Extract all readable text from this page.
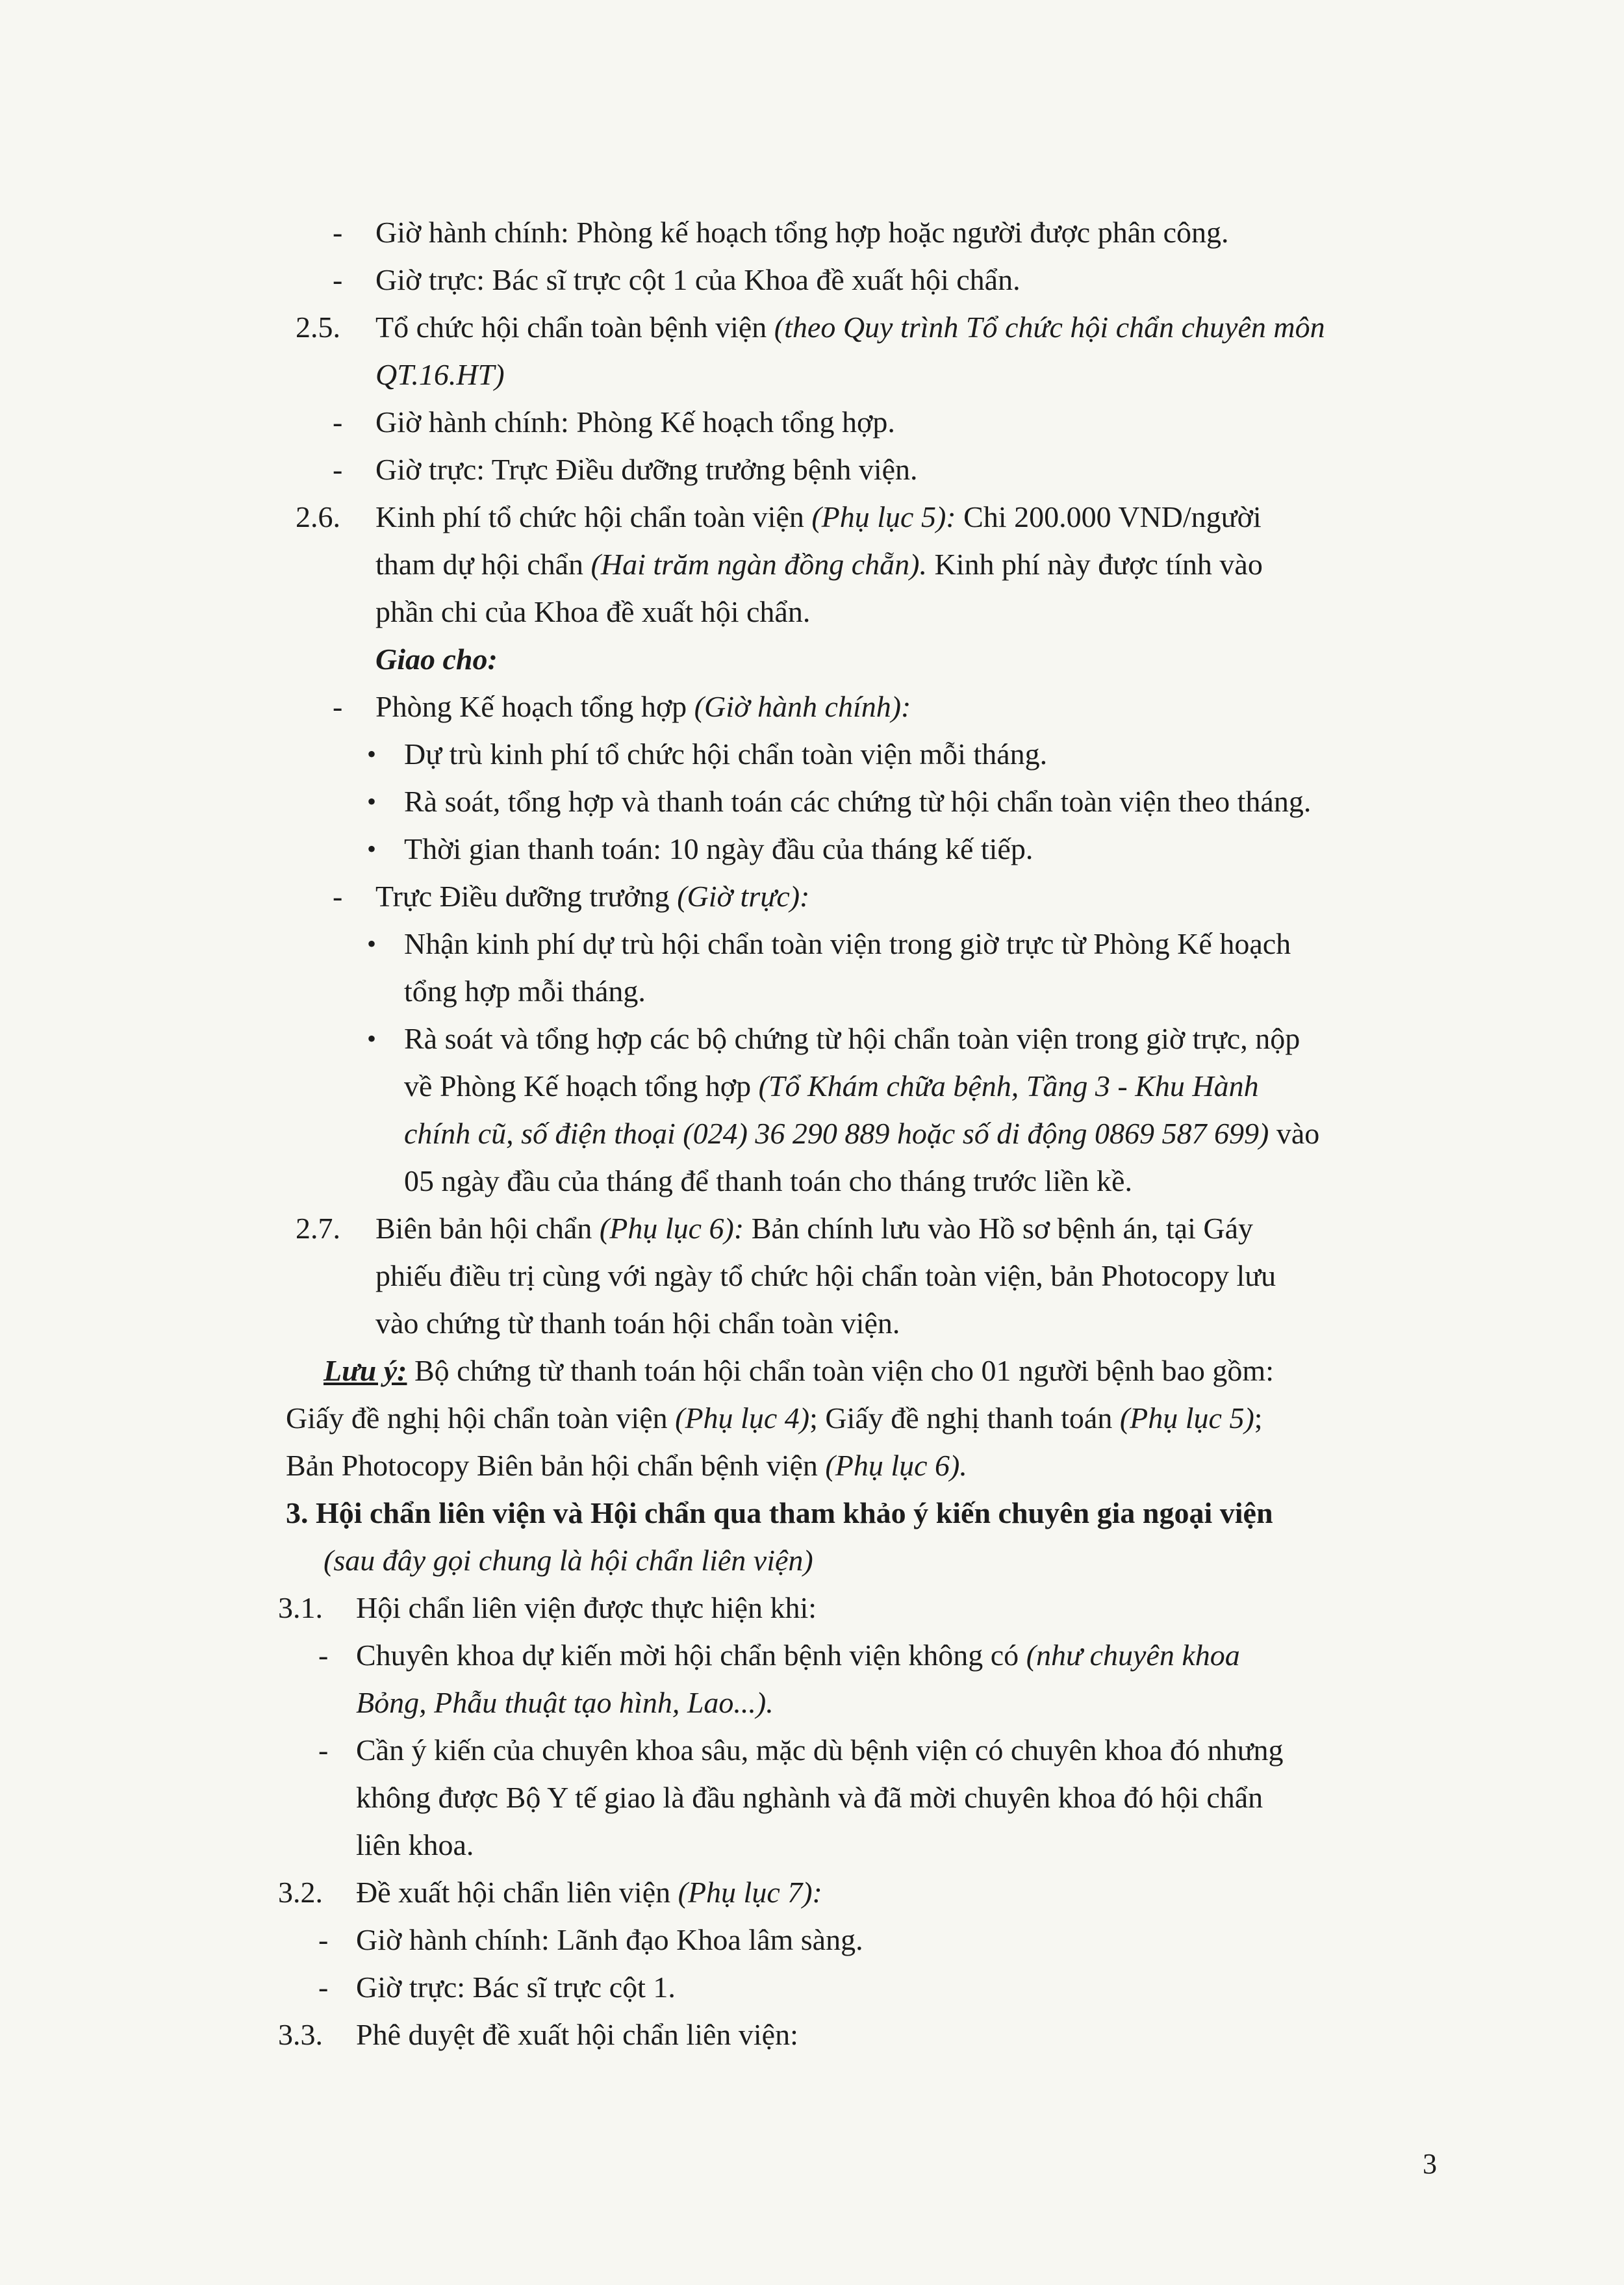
- Giờ hành chính: Phòng kế hoạch tổng hợp hoặc người được phân công.
- Giờ trực: Bác sĩ trực cột 1 của Khoa đề xuất hội chẩn.
2.5. Tổ chức hội chẩn toàn bệnh viện (theo Quy trình Tổ chức hội chẩn chuyên môn
QT.16.HT)
- Giờ hành chính: Phòng Kế hoạch tổng hợp.
- Giờ trực: Trực Điều dưỡng trưởng bệnh viện.
2.6. Kinh phí tổ chức hội chẩn toàn viện (Phụ lục 5): Chi 200.000 VND/người
tham dự hội chẩn (Hai trăm ngàn đồng chẵn). Kinh phí này được tính vào
phần chi của Khoa đề xuất hội chẩn.
Giao cho:
- Phòng Kế hoạch tổng hợp (Giờ hành chính):
• Dự trù kinh phí tổ chức hội chẩn toàn viện mỗi tháng.
• Rà soát, tổng hợp và thanh toán các chứng từ hội chẩn toàn viện theo tháng.
• Thời gian thanh toán: 10 ngày đầu của tháng kế tiếp.
- Trực Điều dưỡng trưởng (Giờ trực):
• Nhận kinh phí dự trù hội chẩn toàn viện trong giờ trực từ Phòng Kế hoạch
tổng hợp mỗi tháng.
• Rà soát và tổng hợp các bộ chứng từ hội chẩn toàn viện trong giờ trực, nộp
về Phòng Kế hoạch tổng hợp (Tổ Khám chữa bệnh, Tầng 3 - Khu Hành
chính cũ, số điện thoại (024) 36 290 889 hoặc số di động 0869 587 699) vào
05 ngày đầu của tháng để thanh toán cho tháng trước liền kề.
2.7. Biên bản hội chẩn (Phụ lục 6): Bản chính lưu vào Hồ sơ bệnh án, tại Gáy
phiếu điều trị cùng với ngày tổ chức hội chẩn toàn viện, bản Photocopy lưu
vào chứng từ thanh toán hội chẩn toàn viện.
Lưu ý: Bộ chứng từ thanh toán hội chẩn toàn viện cho 01 người bệnh bao gồm:
Giấy đề nghị hội chẩn toàn viện (Phụ lục 4); Giấy đề nghị thanh toán (Phụ lục 5);
Bản Photocopy Biên bản hội chẩn bệnh viện (Phụ lục 6).
3. Hội chẩn liên viện và Hội chẩn qua tham khảo ý kiến chuyên gia ngoại viện
(sau đây gọi chung là hội chẩn liên viện)
3.1. Hội chẩn liên viện được thực hiện khi:
- Chuyên khoa dự kiến mời hội chẩn bệnh viện không có (như chuyên khoa
Bỏng, Phẫu thuật tạo hình, Lao...).
- Cần ý kiến của chuyên khoa sâu, mặc dù bệnh viện có chuyên khoa đó nhưng
không được Bộ Y tế giao là đầu nghành và đã mời chuyên khoa đó hội chẩn
liên khoa.
3.2. Đề xuất hội chẩn liên viện (Phụ lục 7):
- Giờ hành chính: Lãnh đạo Khoa lâm sàng.
- Giờ trực: Bác sĩ trực cột 1.
3.3. Phê duyệt đề xuất hội chẩn liên viện:
3
